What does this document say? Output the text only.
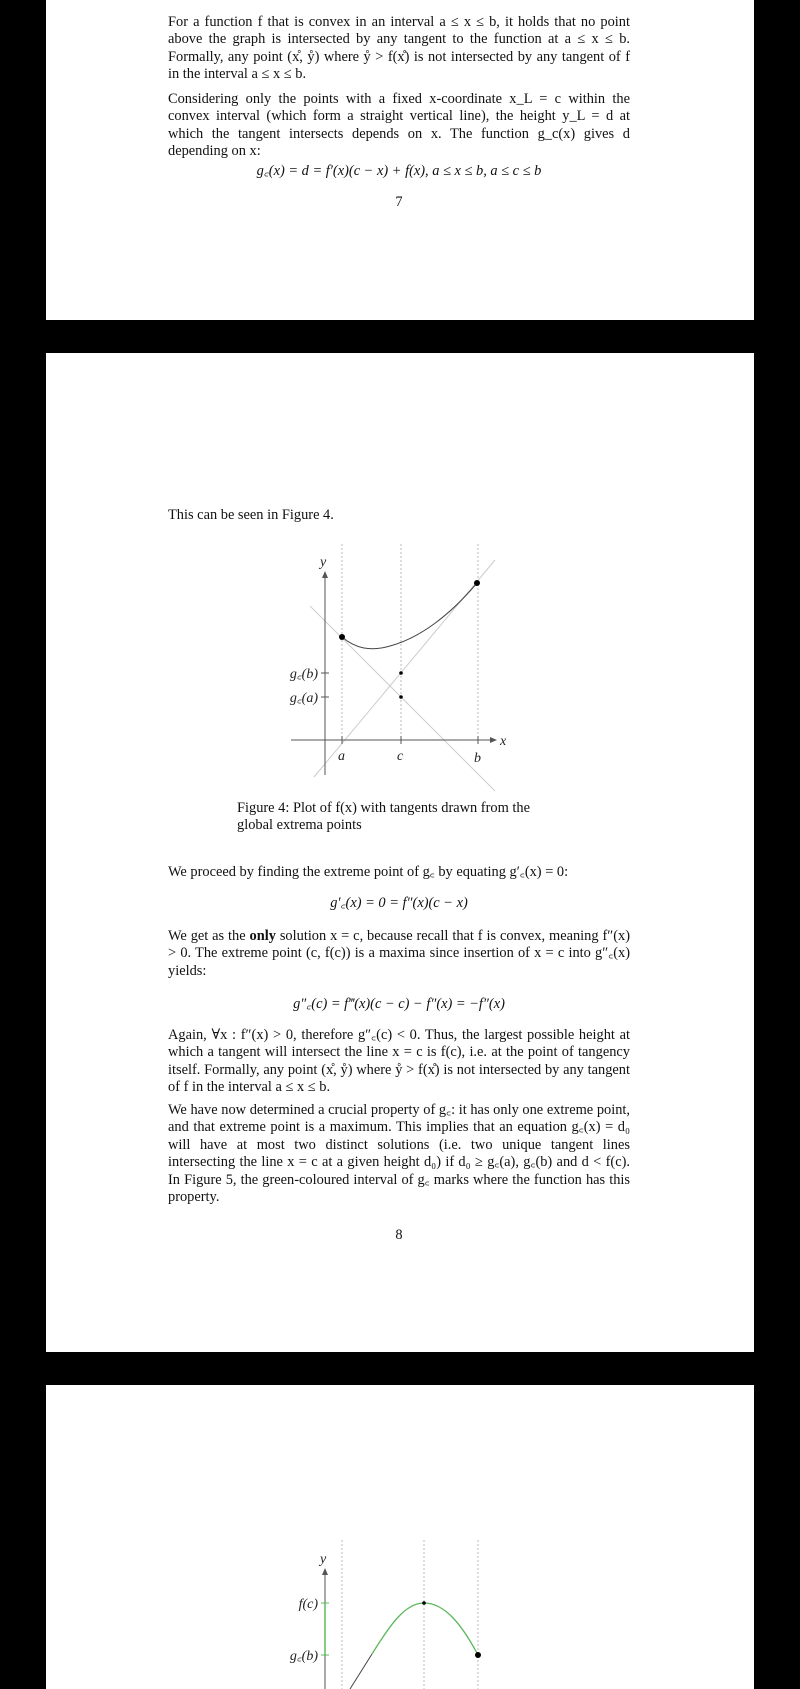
For a function f that is convex in an interval a ≤ x ≤ b, it holds that no point above the graph is intersected by any tangent to the function at a ≤ x ≤ b. Formally, any point (x̊, ẙ) where ẙ > f(x̊) is not intersected by any tangent of f in the interval a ≤ x ≤ b.

Considering only the points with a fixed x-coordinate x_L = c within the convex interval (which form a straight vertical line), the height y_L = d at which the tangent intersects depends on x. The function g_c(x) gives d depending on x:

g꜀(x) = d = f′(x)(c − x) + f(x), a ≤ x ≤ b, a ≤ c ≤ b
7

This can be seen in Figure 4.

y
x
a	c	b
g꜀(b)
g꜀(a)
y
f(c)
g꜀(b)
Figure 4: Plot of f(x) with tangents drawn from the global extrema points

We proceed by finding the extreme point of g꜀ by equating g′꜀(x) = 0:

g′꜀(x) = 0 = f″(x)(c − x)

We get as the only solution x = c, because recall that f is convex, meaning f″(x) > 0. The extreme point (c, f(c)) is a maxima since insertion of x = c into g″꜀(x) yields:

g″꜀(c) = f‴(x)(c − c) − f″(x) = −f″(x)

Again, ∀x : f″(x) > 0, therefore g″꜀(c) < 0. Thus, the largest possible height at which a tangent will intersect the line x = c is f(c), i.e. at the point of tangency itself. Formally, any point (x̊, ẙ) where ẙ > f(x̊) is not intersected by any tangent of f in the interval a ≤ x ≤ b.

We have now determined a crucial property of g꜀: it has only one extreme point, and that extreme point is a maximum. This implies that an equation g꜀(x) = d₀ will have at most two distinct solutions (i.e. two unique tangent lines intersecting the line x = c at a given height d₀) if d₀ ≥ g꜀(a), g꜀(b) and d < f(c). In Figure 5, the green-coloured interval of g꜀ marks where the function has this property.

8
